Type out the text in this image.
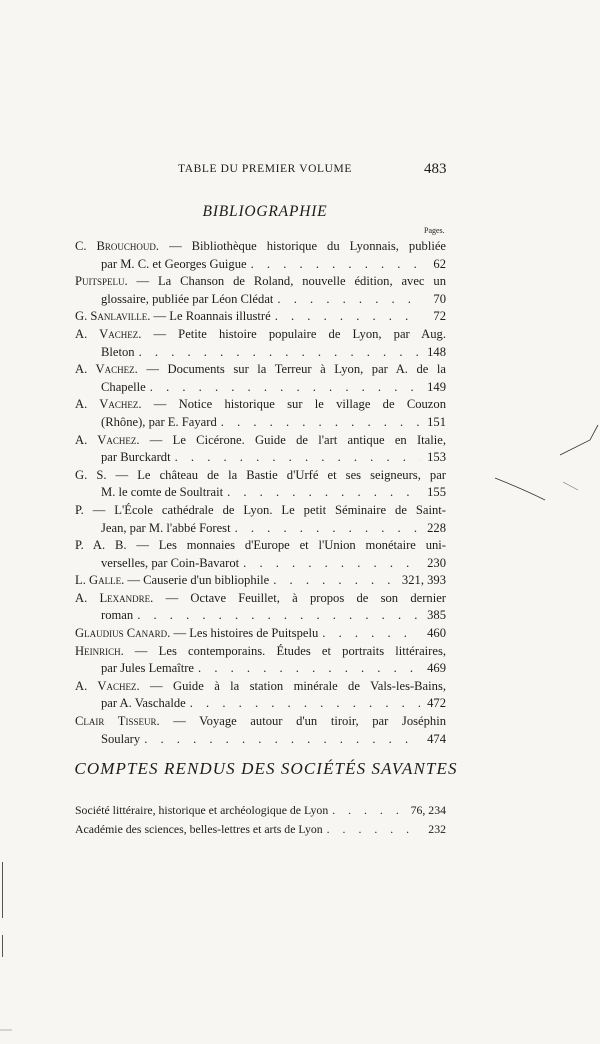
TABLE DU PREMIER VOLUME	483
BIBLIOGRAPHIE
Pages.
C. Brouchoud. — Bibliothèque historique du Lyonnais, publiée
par M. C. et Georges Guigue . . .	62
Puitspelu. — La Chanson de Roland, nouvelle édition, avec un
glossaire, publiée par Léon Clédat . . .	70
G. Sanlaville. — Le Roannais illustré . . .	72
A. Vachez. — Petite histoire populaire de Lyon, par Aug.
Bleton . . .	148
A. Vachez. — Documents sur la Terreur à Lyon, par A. de la
Chapelle . . .	149
A. Vachez. — Notice historique sur le village de Couzon
(Rhône), par E. Fayard . . .	151
A. Vachez. — Le Cicérone. Guide de l'art antique en Italie,
par Burckardt . . .	153
G. S. — Le château de la Bastie d'Urfé et ses seigneurs, par
M. le comte de Soultrait . . .	155
P. — L'École cathédrale de Lyon. Le petit Séminaire de Saint-
Jean, par M. l'abbé Forest . . .	228
P. A. B. — Les monnaies d'Europe et l'Union monétaire uni-
verselles, par Coin-Bavarot . . .	230
L. Galle. — Causerie d'un bibliophile . . .	321, 393
A. Lexandre. — Octave Feuillet, à propos de son dernier
roman . . .	385
Glaudius Canard. — Les histoires de Puitspelu . . .	460
Heinrich. — Les contemporains. Études et portraits littéraires,
par Jules Lemaître . . .	469
A. Vachez. — Guide à la station minérale de Vals-les-Bains,
par A. Vaschalde . . .	472
Clair Tisseur. — Voyage autour d'un tiroir, par Joséphin
Soulary . . .	474
COMPTES RENDUS DES SOCIÉTÉS SAVANTES
Société littéraire, historique et archéologique de Lyon . . .	76, 234
Académie des sciences, belles-lettres et arts de Lyon . . .	232
